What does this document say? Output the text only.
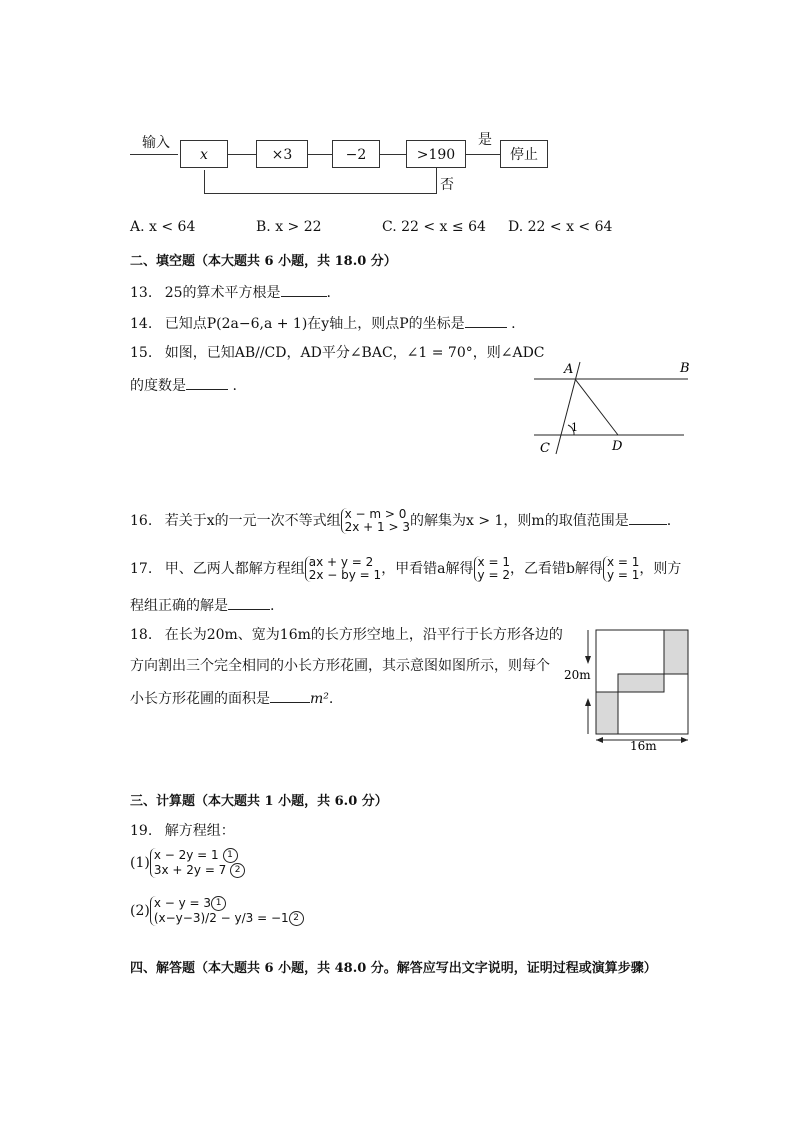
输入
x	×3	−2	>190
是
停止
否
A. x < 64	B. x > 22	C. 22 < x ≤ 64 D. 22 < x < 64
二、填空题（本大题共 6 小题，共 18.0 分）
13. 25的算术平方根是	.
14. 已知点P(2a−6,a + 1)在y轴上，则点P的坐标是	.
15. 如图，已知AB//CD，AD平分∠BAC，∠1 = 70°，则∠ADC
的度数是	.
A	B
C	D
1
16. 若关于x的一元一次不等式组 x − m > 0
2x + 1 > 3 的解集为x > 1，则m的取值范围是	.
17. 甲、乙两人都解方程组 ax + y = 2
2x − by = 1 ，甲看错a解得 x = 1
y = 2 ，乙看错b解得 x = 1
y = 1 ，则方
程组正确的解是	.
18. 在长为20m、宽为16m的长方形空地上，沿平行于长方形各边的
方向割出三个完全相同的小长方形花圃，其示意图如图所示，则每个
小长方形花圃的面积是	m².
20m
16m
三、计算题（本大题共 1 小题，共 6.0 分）
19. 解方程组：
(1) x − 2y = 1 1
3x + 2y = 7 2
(2) x − y = 3 1
(x−y−3)/2 − y/3 = −1 2
四、解答题（本大题共 6 小题，共 48.0 分。解答应写出文字说明，证明过程或演算步骤）
